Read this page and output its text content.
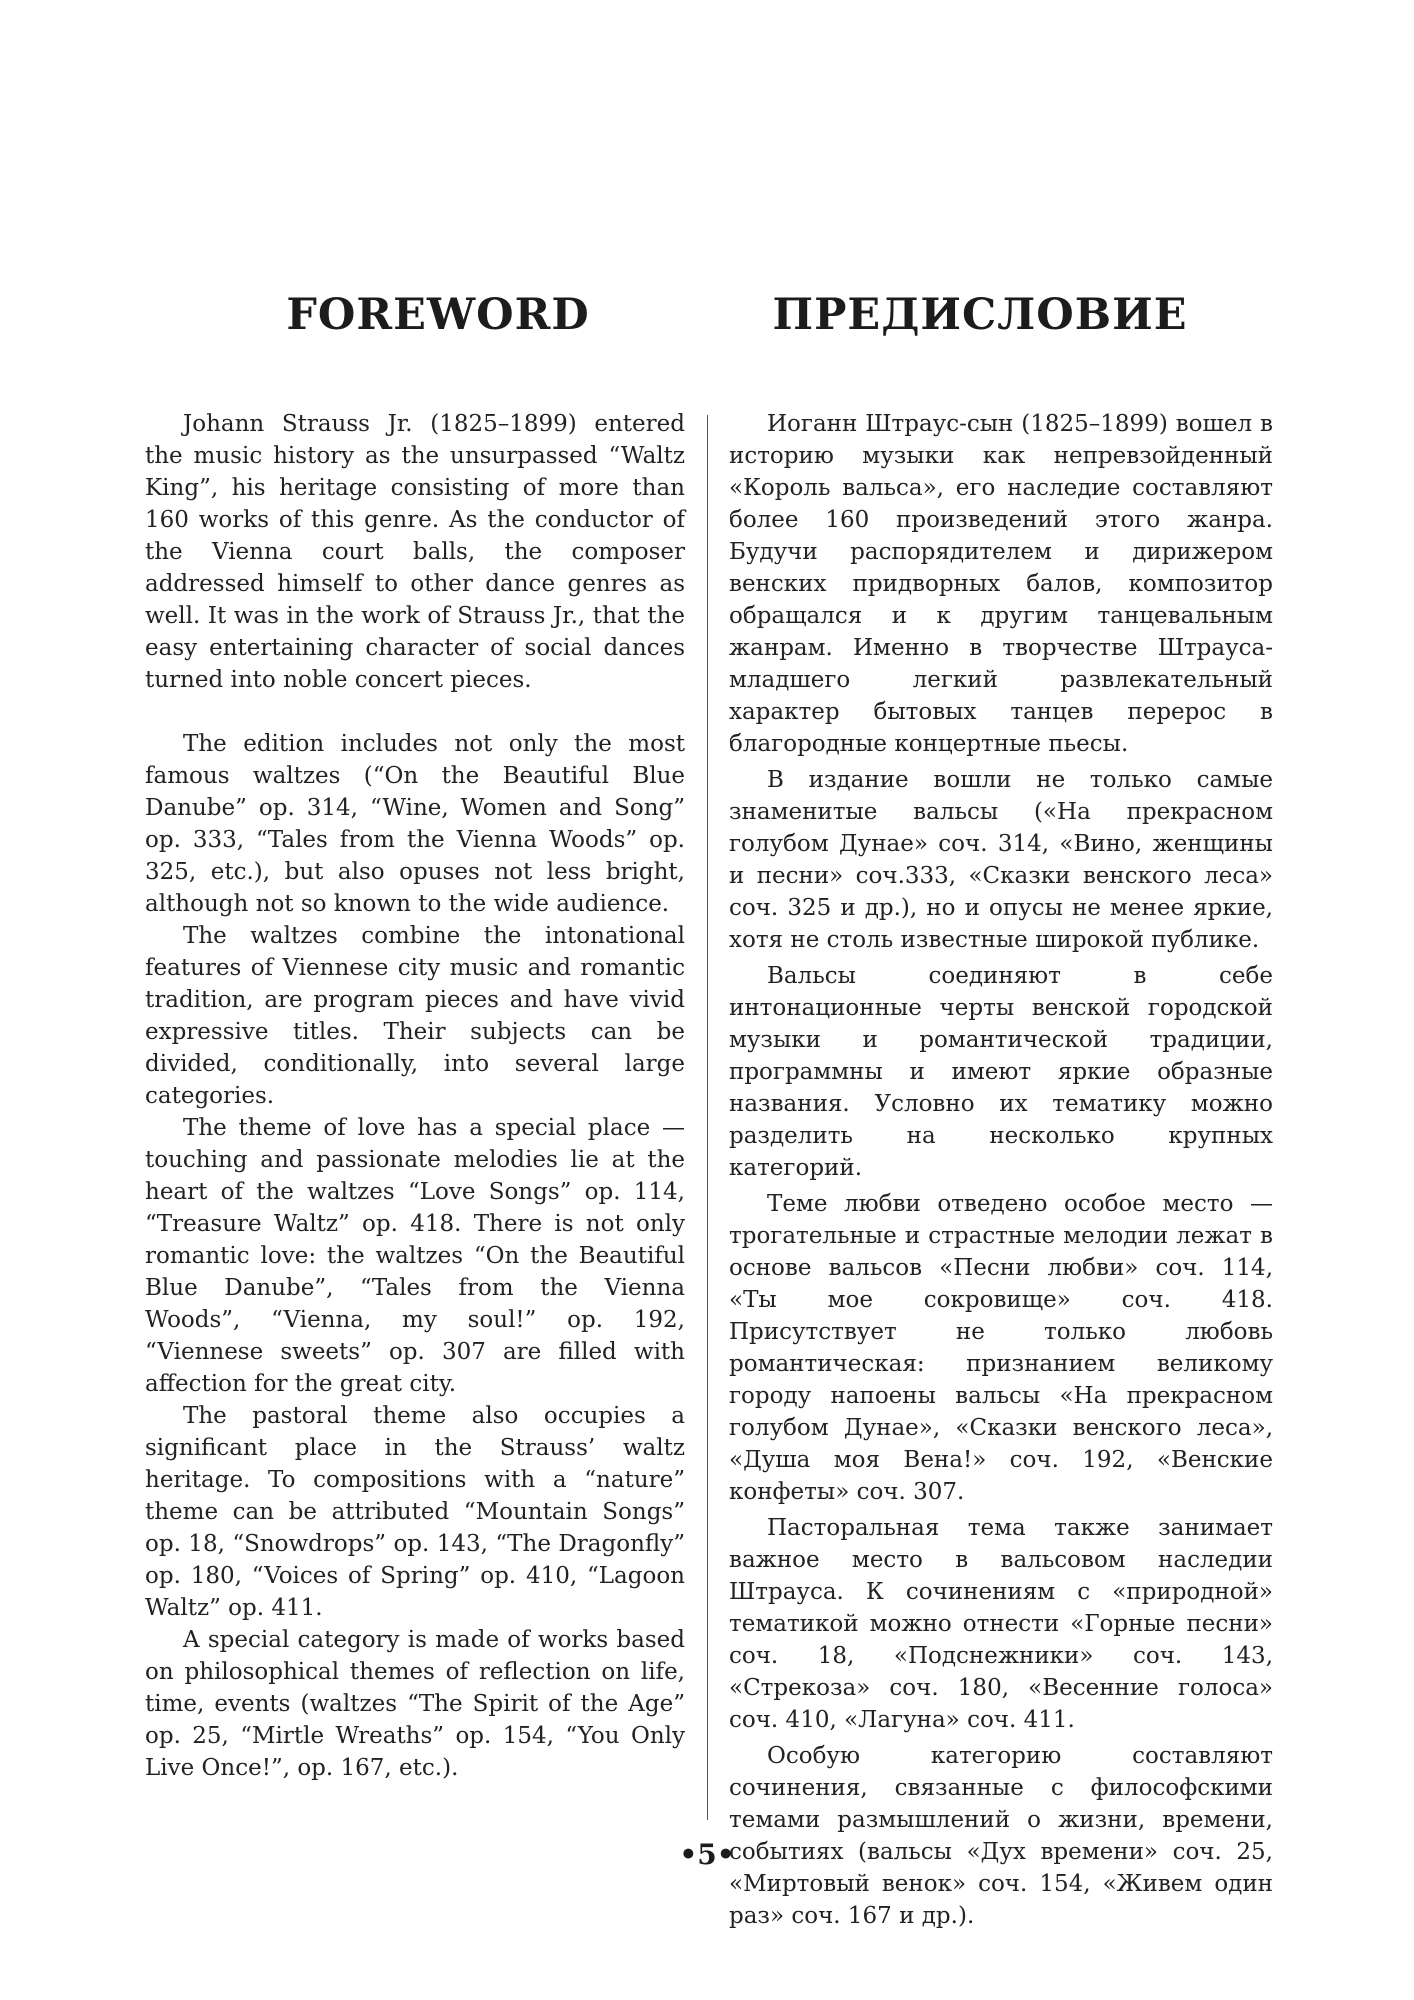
FOREWORD	ПРЕДИСЛОВИЕ

Johann Strauss Jr. (1825–1899) entered the music history as the unsurpassed “Waltz King”, his heritage consisting of more than 160 works of this genre. As the conductor of the Vienna court balls, the composer addressed himself to other dance genres as well. It was in the work of Strauss Jr., that the easy entertaining character of social dances turned into noble concert pieces.

The edition includes not only the most famous waltzes (“On the Beautiful Blue Danube” op. 314, “Wine, Women and Song” op. 333, “Tales from the Vienna Woods” op. 325, etc.), but also opuses not less bright, although not so known to the wide audience.

The waltzes combine the intonational features of Viennese city music and romantic tradition, are program pieces and have vivid expressive titles. Their subjects can be divided, conditionally, into several large categories.

The theme of love has a special place — touching and passionate melodies lie at the heart of the waltzes “Love Songs” op. 114, “Treasure Waltz” op. 418. There is not only romantic love: the waltzes “On the Beautiful Blue Danube”, “Tales from the Vienna Woods”, “Vienna, my soul!” op. 192, “Viennese sweets” op. 307 are filled with affection for the great city.

The pastoral theme also occupies a significant place in the Strauss’ waltz heritage. To compositions with a “nature” theme can be attributed “Mountain Songs” op. 18, “Snowdrops” op. 143, “The Dragonfly” op. 180, “Voices of Spring” op. 410, “Lagoon Waltz” op. 411.

A special category is made of works based on philosophical themes of reflection on life, time, events (waltzes “The Spirit of the Age” op. 25, “Mirtle Wreaths” op. 154, “You Only Live Once!”, op. 167, etc.).

Иоганн Штраус-сын (1825–1899) вошел в историю музыки как непревзойденный «Король вальса», его наследие составляют более 160 произведений этого жанра. Будучи распорядителем и дирижером венских придворных балов, композитор обращался и к другим танцевальным жанрам. Именно в творчестве Штрауса-младшего легкий развлекательный характер бытовых танцев перерос в благородные концертные пьесы.

В издание вошли не только самые знаменитые вальсы («На прекрасном голубом Дунае» соч. 314, «Вино, женщины и песни» соч.333, «Сказки венского леса» соч. 325 и др.), но и опусы не менее яркие, хотя не столь известные широкой публике.

Вальсы соединяют в себе интонационные черты венской городской музыки и романтической традиции, программны и имеют яркие образные названия. Условно их тематику можно разделить на несколько крупных категорий.

Теме любви отведено особое место — трогательные и страстные мелодии лежат в основе вальсов «Песни любви» соч. 114, «Ты мое сокровище» соч. 418. Присутствует не только любовь романтическая: признанием великому городу напоены вальсы «На прекрасном голубом Дунае», «Сказки венского леса», «Душа моя Вена!» соч. 192, «Венские конфеты» соч. 307.

Пасторальная тема также занимает важное место в вальсовом наследии Штрауса. К сочинениям с «природной» тематикой можно отнести «Горные песни» соч. 18, «Подснежники» соч. 143, «Стрекоза» соч. 180, «Весенние голоса» соч. 410, «Лагуна» соч. 411.

Особую категорию составляют сочинения, связанные с философскими темами размышлений о жизни, времени, событиях (вальсы «Дух времени» соч. 25, «Миртовый венок» соч. 154, «Живем один раз» соч. 167 и др.).

•5•
